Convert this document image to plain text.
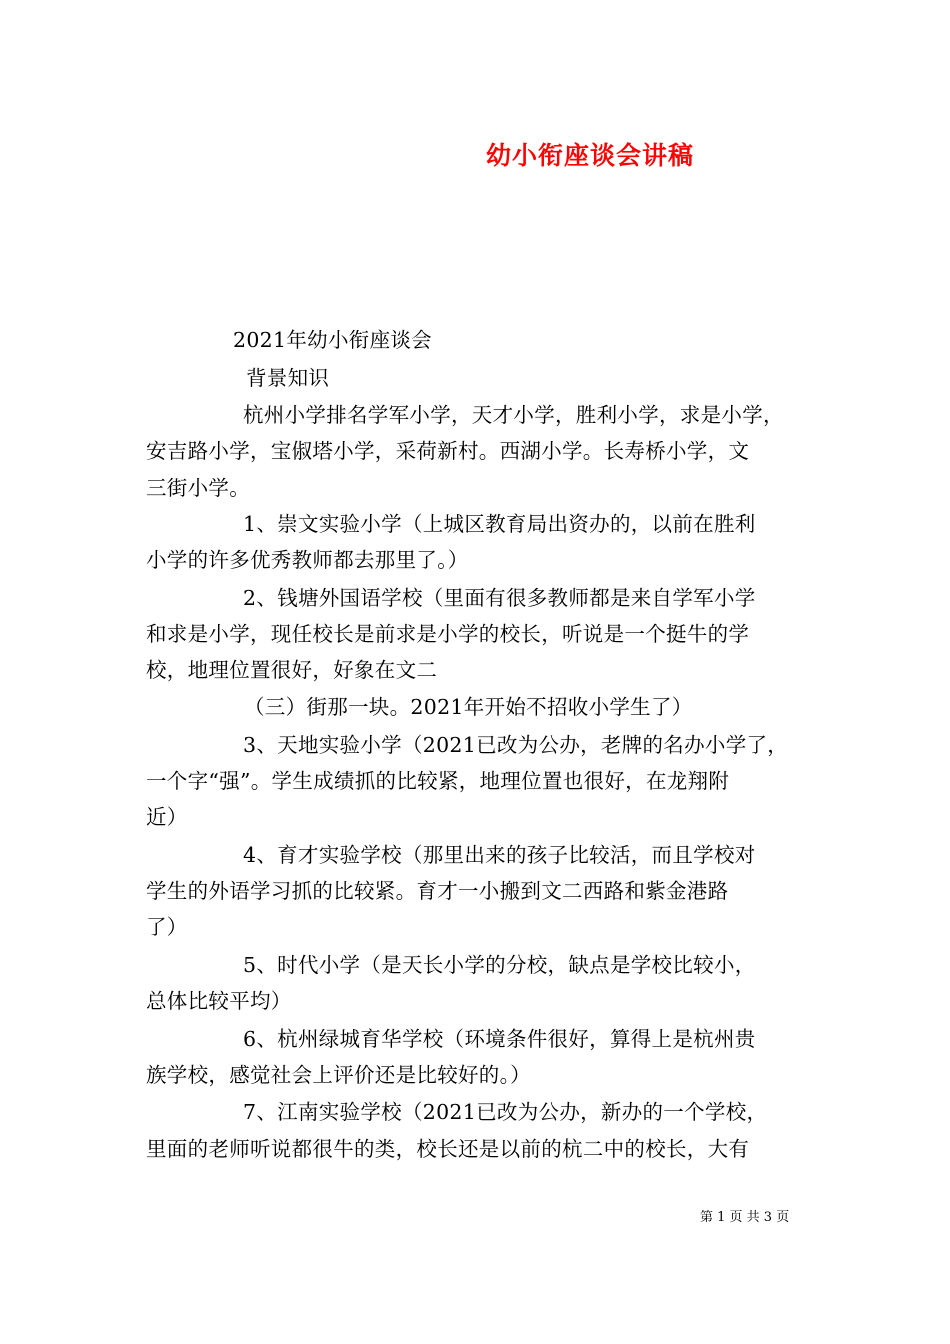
幼小衔座谈会讲稿
2021年幼小衔座谈会
背景知识
杭州小学排名学军小学，天才小学，胜利小学，求是小学，
安吉路小学，宝俶塔小学，采荷新村。西湖小学。长寿桥小学，文
三街小学。
1、崇文实验小学（上城区教育局出资办的，以前在胜利
小学的许多优秀教师都去那里了。）
2、钱塘外国语学校（里面有很多教师都是来自学军小学
和求是小学，现任校长是前求是小学的校长，听说是一个挺牛的学
校，地理位置很好，好象在文二
（三）街那一块。2021年开始不招收小学生了）
3、天地实验小学（2021已改为公办，老牌的名办小学了，
一个字“强”。学生成绩抓的比较紧，地理位置也很好，在龙翔附
近）
4、育才实验学校（那里出来的孩子比较活，而且学校对
学生的外语学习抓的比较紧。育才一小搬到文二西路和紫金港路
了）
5、时代小学（是天长小学的分校，缺点是学校比较小，
总体比较平均）
6、杭州绿城育华学校（环境条件很好，算得上是杭州贵
族学校，感觉社会上评价还是比较好的。）
7、江南实验学校（2021已改为公办，新办的一个学校，
里面的老师听说都很牛的类，校长还是以前的杭二中的校长，大有
第 1 页 共 3 页
